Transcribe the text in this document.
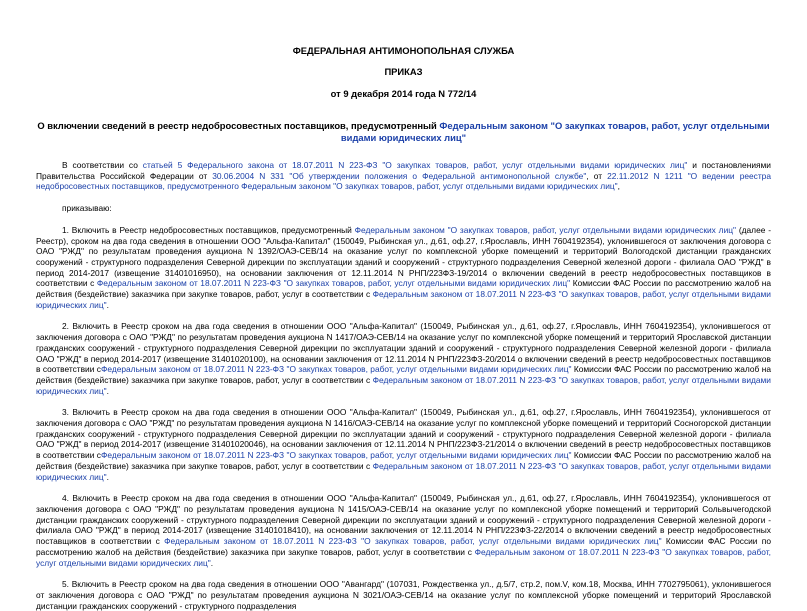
ФЕДЕРАЛЬНАЯ АНТИМОНОПОЛЬНАЯ СЛУЖБА
ПРИКАЗ
от 9 декабря 2014 года N 772/14
О включении сведений в реестр недобросовестных поставщиков, предусмотренный Федеральным законом "О закупках товаров, работ, услуг отдельными видами юридических лиц"

В соответствии со статьей 5 Федерального закона от 18.07.2011 N 223-ФЗ "О закупках товаров, работ, услуг отдельными видами юридических лиц" и постановлениями Правительства Российской Федерации от 30.06.2004 N 331 "Об утверждении положения о Федеральной антимонопольной службе", от 22.11.2012 N 1211 "О ведении реестра недобросовестных поставщиков, предусмотренного Федеральным законом "О закупках товаров, работ, услуг отдельными видами юридических лиц",

приказываю:

1. Включить в Реестр недобросовестных поставщиков, предусмотренный Федеральным законом "О закупках товаров, работ, услуг отдельными видами юридических лиц" (далее - Реестр), сроком на два года сведения в отношении ООО "Альфа-Капитал" (150049, Рыбинская ул., д.61, оф.27, г.Ярославль, ИНН 7604192354), уклонившегося от заключения договора с ОАО "РЖД" по результатам проведения аукциона N 1392/ОАЭ-СЕВ/14 на оказание услуг по комплексной уборке помещений и территорий Вологодской дистанции гражданских сооружений - структурного подразделения Северной дирекции по эксплуатации зданий и сооружений - структурного подразделения Северной железной дороги - филиала ОАО "РЖД" в период 2014-2017 (извещение 31401016950), на основании заключения от 12.11.2014 N РНП/223ФЗ-19/2014 о включении сведений в реестр недобросовестных поставщиков в соответствии с Федеральным законом от 18.07.2011 N 223-ФЗ "О закупках товаров, работ, услуг отдельными видами юридических лиц" Комиссии ФАС России по рассмотрению жалоб на действия (бездействие) заказчика при закупке товаров, работ, услуг в соответствии с Федеральным законом от 18.07.2011 N 223-ФЗ "О закупках товаров, работ, услуг отдельными видами юридических лиц".

2. Включить в Реестр сроком на два года сведения в отношении ООО "Альфа-Капитал" (150049, Рыбинская ул., д.61, оф.27, г.Ярославль, ИНН 7604192354), уклонившегося от заключения договора с ОАО "РЖД" по результатам проведения аукциона N 1417/ОАЭ-СЕВ/14 на оказание услуг по комплексной уборке помещений и территорий Ярославской дистанции гражданских сооружений - структурного подразделения Северной дирекции по эксплуатации зданий и сооружений - структурного подразделения Северной железной дороги - филиала ОАО "РЖД" в период 2014-2017 (извещение 31401020100), на основании заключения от 12.11.2014 N РНП/223ФЗ-20/2014 о включении сведений в реестр недобросовестных поставщиков в соответствии сФедеральным законом от 18.07.2011 N 223-ФЗ "О закупках товаров, работ, услуг отдельными видами юридических лиц" Комиссии ФАС России по рассмотрению жалоб на действия (бездействие) заказчика при закупке товаров, работ, услуг в соответствии с Федеральным законом от 18.07.2011 N 223-ФЗ "О закупках товаров, работ, услуг отдельными видами юридических лиц".

3. Включить в Реестр сроком на два года сведения в отношении ООО "Альфа-Капитал" (150049, Рыбинская ул., д.61, оф.27, г.Ярославль, ИНН 7604192354), уклонившегося от заключения договора с ОАО "РЖД" по результатам проведения аукциона N 1416/ОАЭ-СЕВ/14 на оказание услуг по комплексной уборке помещений и территорий Сосногорской дистанции гражданских сооружений - структурного подразделения Северной дирекции по эксплуатации зданий и сооружений - структурного подразделения Северной железной дороги - филиала ОАО "РЖД" в период 2014-2017 (извещение 31401020046), на основании заключения от 12.11.2014 N РНП/223ФЗ-21/2014 о включении сведений в реестр недобросовестных поставщиков в соответствии сФедеральным законом от 18.07.2011 N 223-ФЗ "О закупках товаров, работ, услуг отдельными видами юридических лиц" Комиссии ФАС России по рассмотрению жалоб на действия (бездействие) заказчика при закупке товаров, работ, услуг в соответствии с Федеральным законом от 18.07.2011 N 223-ФЗ "О закупках товаров, работ, услуг отдельными видами юридических лиц".

4. Включить в Реестр сроком на два года сведения в отношении ООО "Альфа-Капитал" (150049, Рыбинская ул., д.61, оф.27, г.Ярославль, ИНН 7604192354), уклонившегося от заключения договора с ОАО "РЖД" по результатам проведения аукциона N 1415/ОАЭ-СЕВ/14 на оказание услуг по комплексной уборке помещений и территорий Сольвычегодской дистанции гражданских сооружений - структурного подразделения Северной дирекции по эксплуатации зданий и сооружений - структурного подразделения Северной железной дороги - филиала ОАО "РЖД" в период 2014-2017 (извещение 31401018410), на основании заключения от 12.11.2014 N РНП/223ФЗ-22/2014 о включении сведений в реестр недобросовестных поставщиков в соответствии с Федеральным законом от 18.07.2011 N 223-ФЗ "О закупках товаров, работ, услуг отдельными видами юридических лиц" Комиссии ФАС России по рассмотрению жалоб на действия (бездействие) заказчика при закупке товаров, работ, услуг в соответствии с Федеральным законом от 18.07.2011 N 223-ФЗ "О закупках товаров, работ, услуг отдельными видами юридических лиц".

5. Включить в Реестр сроком на два года сведения в отношении ООО "Авангард" (107031, Рождественка ул., д.5/7, стр.2, пом.V, ком.18, Москва, ИНН 7702795061), уклонившегося от заключения договора с ОАО "РЖД" по результатам проведения аукциона N 3021/ОАЭ-СЕВ/14 на оказание услуг по комплексной уборке помещений и территорий Ярославской дистанции гражданских сооружений - структурного подразделения
